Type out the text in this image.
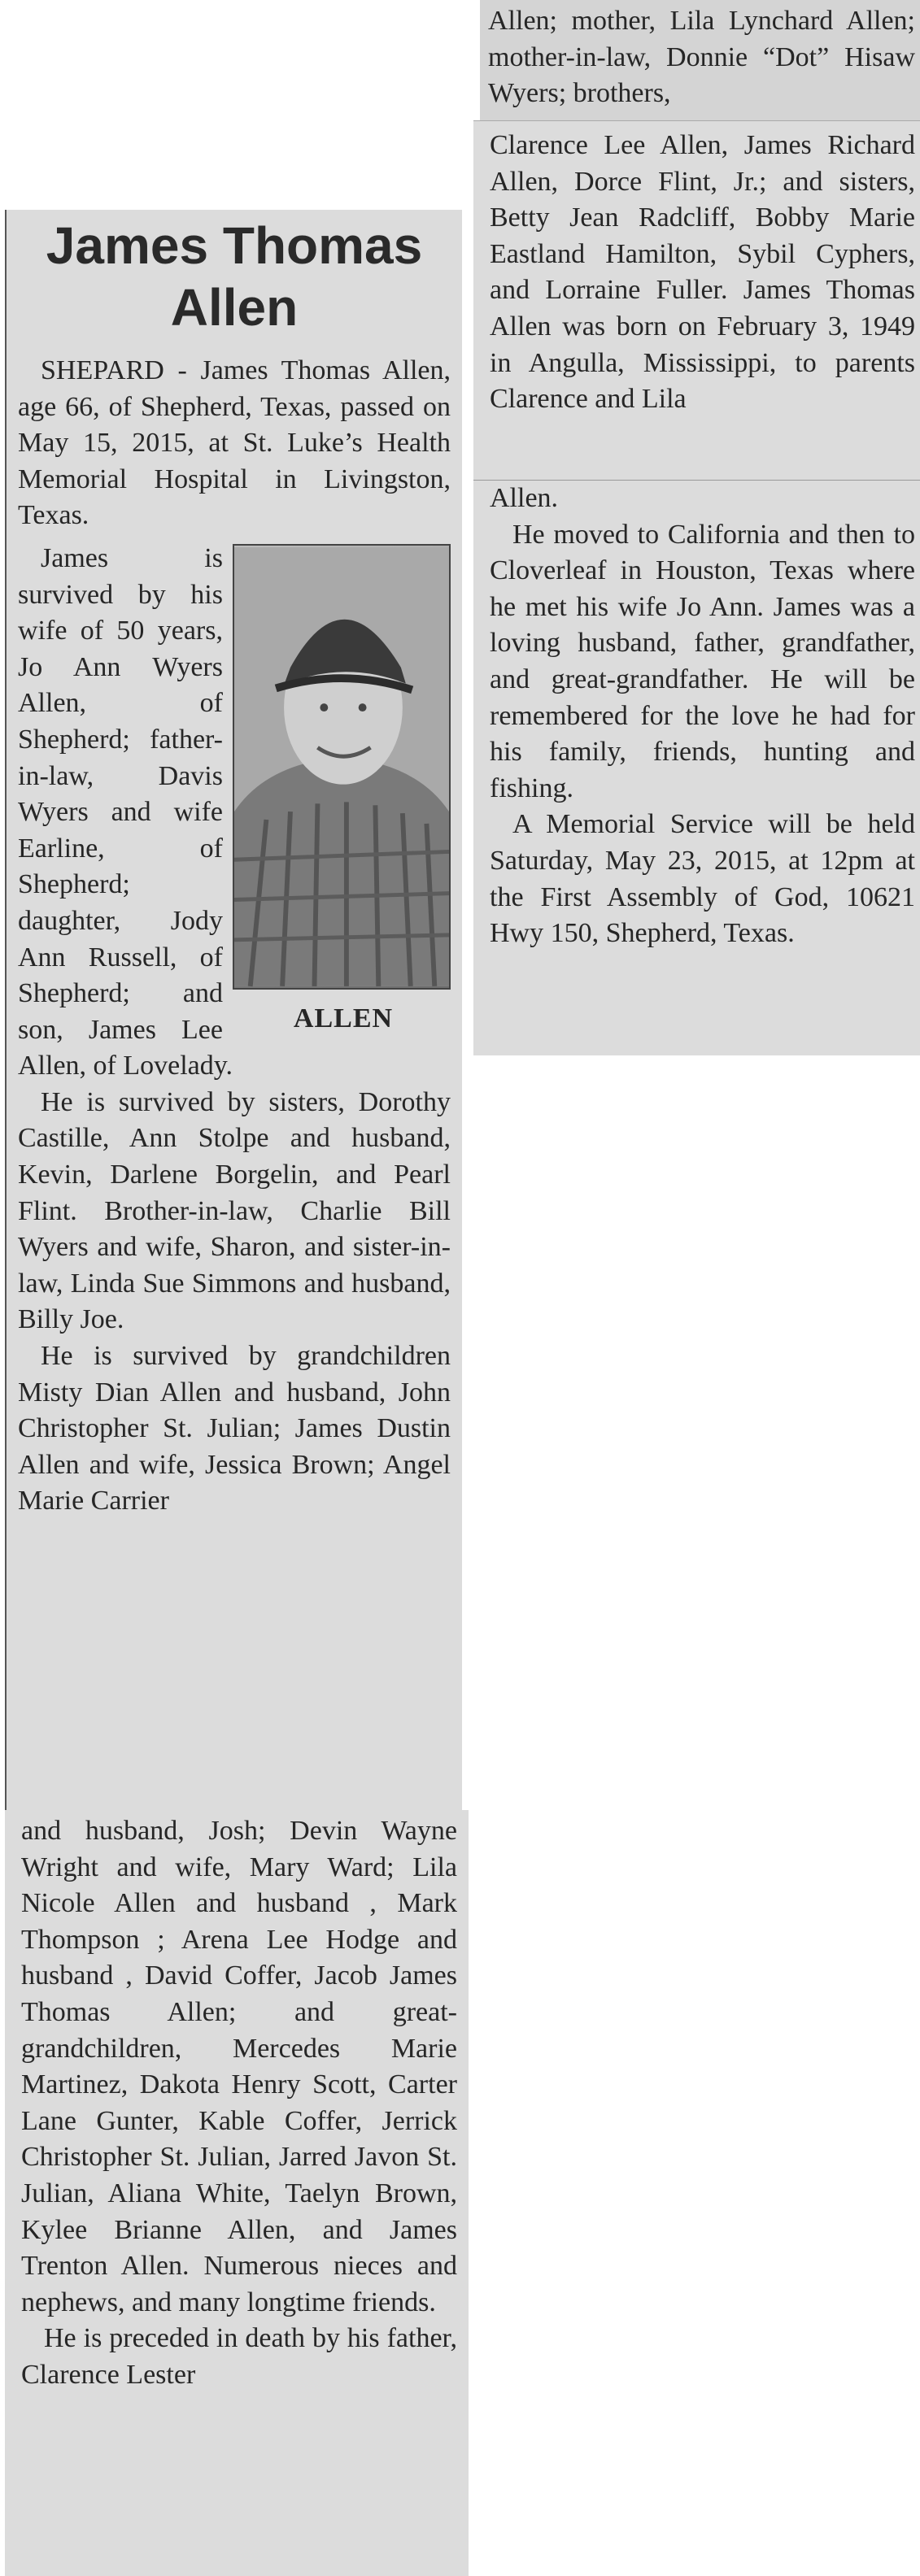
James Thomas Allen

SHEPARD - James Thomas Allen, age 66, of Shepherd, Texas, passed on May 15, 2015, at St. Luke’s Health Memorial Hospital in Livingston, Texas.

ALLEN

James is survived by his wife of 50 years, Jo Ann Wyers Allen, of Shepherd; father-in-law, Davis Wyers and wife Earline, of Shepherd; daughter, Jody Ann Russell, of Shepherd; and son, James Lee Allen, of Lovelady.

He is survived by sisters, Dorothy Castille, Ann Stolpe and husband, Kevin, Darlene Borgelin, and Pearl Flint. Brother-in-law, Charlie Bill Wyers and wife, Sharon, and sister-in-law, Linda Sue Simmons and husband, Billy Joe.

He is survived by grandchildren Misty Dian Allen and husband, John Christopher St. Julian; James Dustin Allen and wife, Jessica Brown; Angel Marie Carrier

and husband, Josh; Devin Wayne Wright and wife, Mary Ward; Lila Nicole Allen and husband , Mark Thompson ; Arena Lee Hodge and husband , David Coffer, Jacob James Thomas Allen; and great-grandchildren, Mercedes Marie Martinez, Dakota Henry Scott, Carter Lane Gunter, Kable Coffer, Jerrick Christopher St. Julian, Jarred Javon St. Julian, Aliana White, Taelyn Brown, Kylee Brianne Allen, and James Trenton Allen. Numerous nieces and nephews, and many longtime friends.

He is preceded in death by his father, Clarence Lester

Allen; mother, Lila Lynchard Allen; mother-in-law, Donnie “Dot” Hisaw Wyers; brothers,

Clarence Lee Allen, James Richard Allen, Dorce Flint, Jr.; and sisters, Betty Jean Radcliff, Bobby Marie Eastland Hamilton, Sybil Cyphers, and Lorraine Fuller. James Thomas Allen was born on February 3, 1949 in Angulla, Mississippi, to parents Clarence and Lila

Allen.

He moved to California and then to Cloverleaf in Houston, Texas where he met his wife Jo Ann. James was a loving husband, father, grandfather, and great-grandfather. He will be remembered for the love he had for his family, friends, hunting and fishing.

A Memorial Service will be held Saturday, May 23, 2015, at 12pm at the First Assembly of God, 10621 Hwy 150, Shepherd, Texas.
